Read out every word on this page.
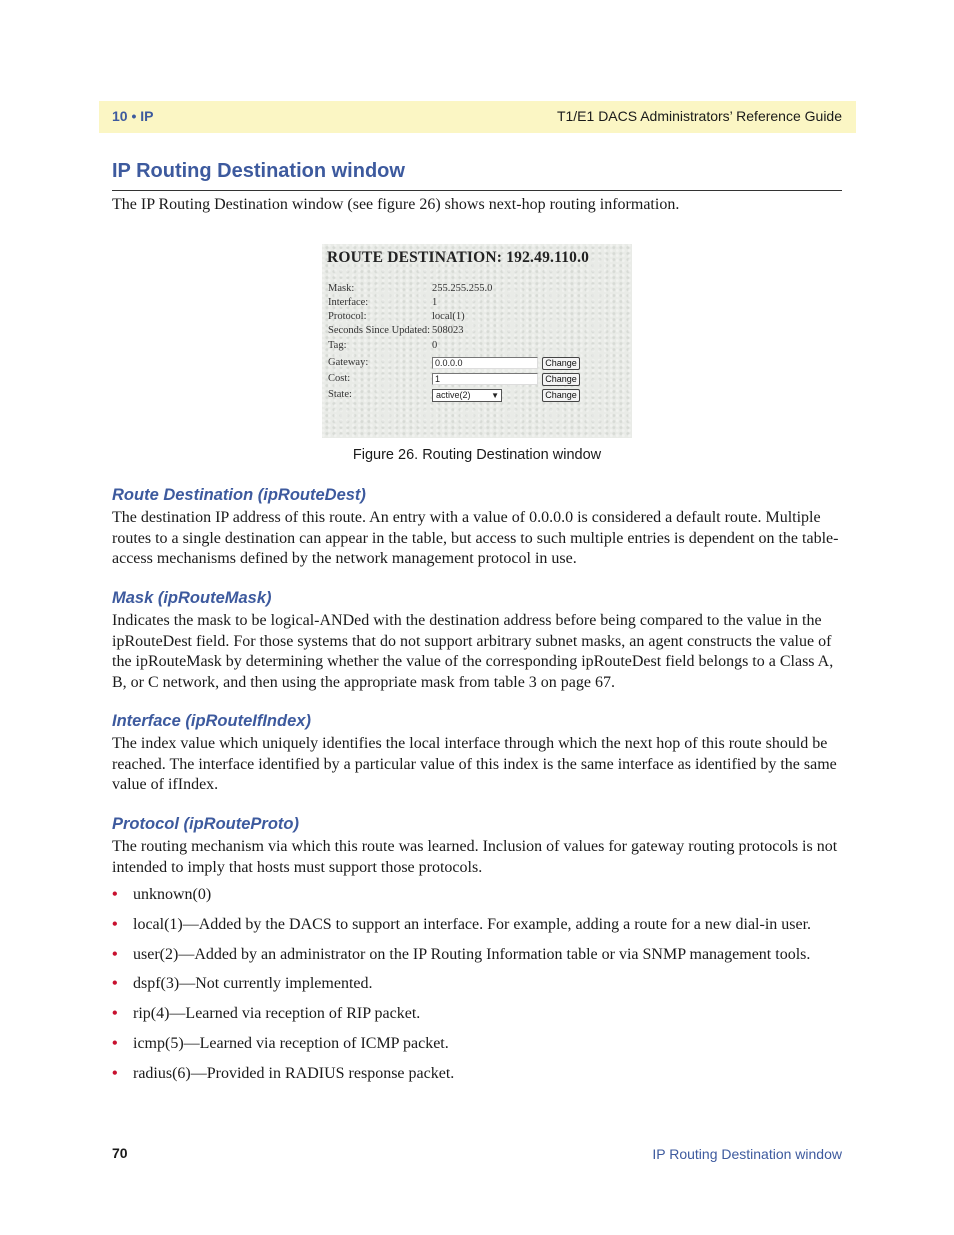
10 • IP	T1/E1 DACS Administrators’ Reference Guide
IP Routing Destination window

The IP Routing Destination window (see figure 26) shows next-hop routing information.

ROUTE DESTINATION: 192.49.110.0
Mask:	255.255.255.0
Interface:	1
Protocol:	local(1)
Seconds Since Updated: 508023
Tag:	0
Gateway:	0.0.0.0	Change
Cost:	1	Change
State:	active(2)	▼	Change
Figure 26. Routing Destination window
Route Destination (ipRouteDest)

The destination IP address of this route. An entry with a value of 0.0.0.0 is considered a default route. Multiple routes to a single destination can appear in the table, but access to such multiple entries is dependent on the table-access mechanisms defined by the network management protocol in use.

Mask (ipRouteMask)

Indicates the mask to be logical-ANDed with the destination address before being compared to the value in the ipRouteDest field. For those systems that do not support arbitrary subnet masks, an agent constructs the value of the ipRouteMask by determining whether the value of the corresponding ipRouteDest field belongs to a Class A, B, or C network, and then using the appropriate mask from table 3 on page 67.

Interface (ipRouteIfIndex)

The index value which uniquely identifies the local interface through which the next hop of this route should be reached. The interface identified by a particular value of this index is the same interface as identified by the same value of ifIndex.

Protocol (ipRouteProto)

The routing mechanism via which this route was learned. Inclusion of values for gateway routing protocols is not intended to imply that hosts must support those protocols.

• unknown(0)
• local(1)—Added by the DACS to support an interface. For example, adding a route for a new dial-in user.
• user(2)—Added by an administrator on the IP Routing Information table or via SNMP management tools.
• dspf(3)—Not currently implemented.
• rip(4)—Learned via reception of RIP packet.
• icmp(5)—Learned via reception of ICMP packet.
• radius(6)—Provided in RADIUS response packet.
70	IP Routing Destination window
